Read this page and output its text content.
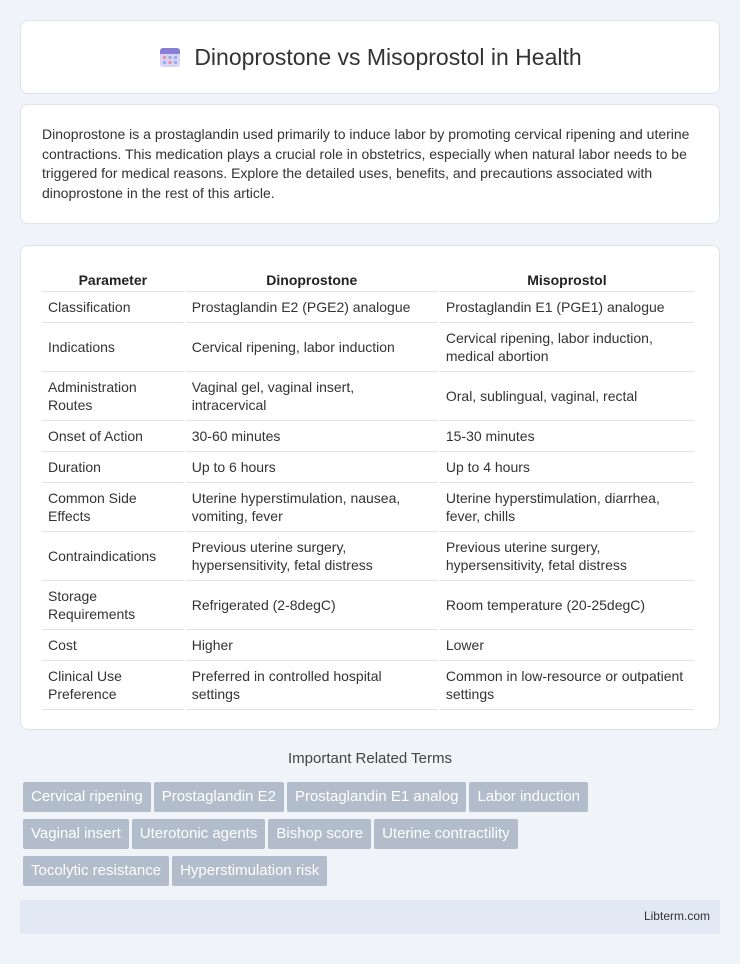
Dinoprostone vs Misoprostol in Health

Dinoprostone is a prostaglandin used primarily to induce labor by promoting cervical ripening and uterine contractions. This medication plays a crucial role in obstetrics, especially when natural labor needs to be triggered for medical reasons. Explore the detailed uses, benefits, and precautions associated with dinoprostone in the rest of this article.

Parameter	Dinoprostone	Misoprostol
Classification	Prostaglandin E2 (PGE2) analogue	Prostaglandin E1 (PGE1) analogue
Indications	Cervical ripening, labor induction	Cervical ripening, labor induction, medical abortion
Administration Routes	Vaginal gel, vaginal insert, intracervical	Oral, sublingual, vaginal, rectal
Onset of Action	30-60 minutes	15-30 minutes
Duration	Up to 6 hours	Up to 4 hours
Common Side Effects	Uterine hyperstimulation, nausea, vomiting, fever	Uterine hyperstimulation, diarrhea, fever, chills
Contraindications	Previous uterine surgery, hypersensitivity, fetal distress	Previous uterine surgery, hypersensitivity, fetal distress
Storage Requirements	Refrigerated (2-8degC)	Room temperature (20-25degC)
Cost	Higher	Lower
Clinical Use Preference	Preferred in controlled hospital settings	Common in low-resource or outpatient settings
Important Related Terms
Cervical ripening Prostaglandin E2 Prostaglandin E1 analog Labor induction
Vaginal insert Uterotonic agents Bishop score Uterine contractility
Tocolytic resistance Hyperstimulation risk
Libterm.com
